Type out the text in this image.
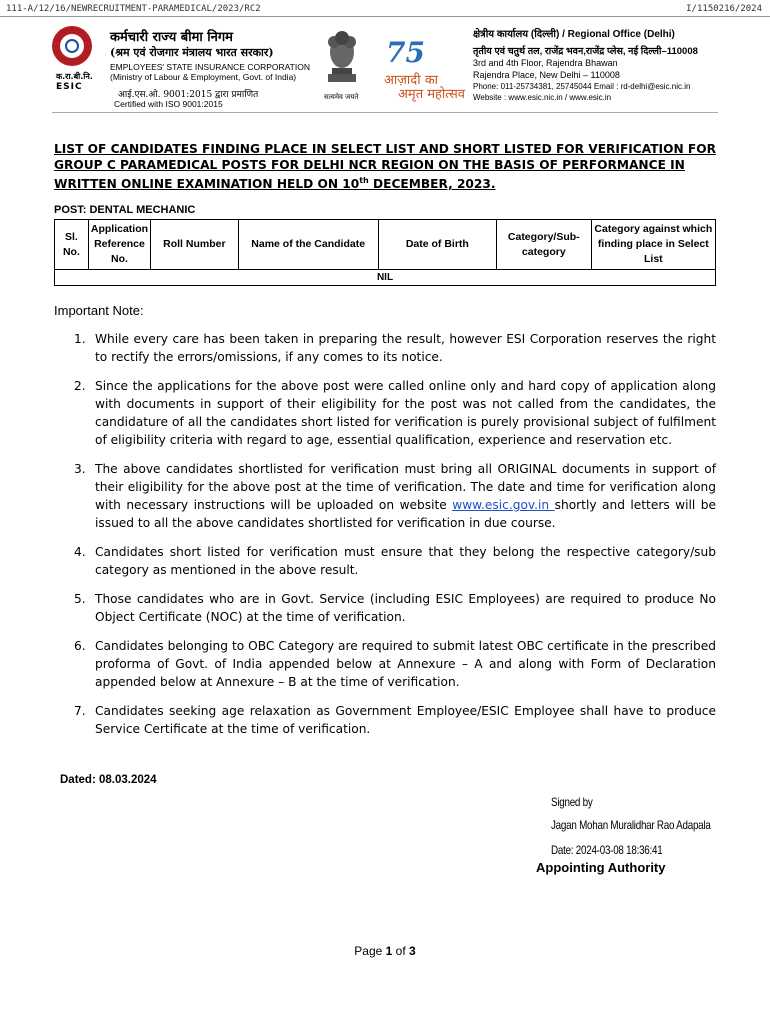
111-A/12/16/NEWRECRUITMENT-PARAMEDICAL/2023/RC2	I/1150216/2024
क.रा.बी.नि.
ESIC
कर्मचारी राज्य बीमा निगम
(श्रम एवं रोजगार मंत्रालय भारत सरकार)
EMPLOYEES' STATE INSURANCE CORPORATION
(Ministry of Labour & Employment, Govt. of India)
आई.एस.ओ. 9001:2015 द्वारा प्रमाणित
Certified with ISO 9001:2015
सत्यमेव जयते
75
आज़ादी का
अमृत महोत्सव
क्षेत्रीय कार्यालय (दिल्ली) / Regional Office (Delhi)
तृतीय एवं चतुर्थ तल, राजेंद्र भवन,राजेंद्र प्लेस, नई दिल्ली–110008
3rd and 4th Floor, Rajendra Bhawan
Rajendra Place, New Delhi – 110008
Phone: 011-25734381, 25745044 Email : rd-delhi@esic.nic.in
Website : www.esic.nic.in / www.esic.in
LIST OF CANDIDATES FINDING PLACE IN SELECT LIST AND SHORT LISTED FOR VERIFICATION FOR GROUP C PARAMEDICAL POSTS FOR DELHI NCR REGION ON THE BASIS OF PERFORMANCE IN WRITTEN ONLINE EXAMINATION HELD ON 10th DECEMBER, 2023.
POST: DENTAL MECHANIC
Sl. No.	Application Reference No.	Roll Number	Name of the Candidate	Date of Birth	Category/Sub-category	Category against which finding place in Select List
NIL
Important Note:
1. While every care has been taken in preparing the result, however ESI Corporation reserves the right to rectify the errors/omissions, if any comes to its notice.
2. Since the applications for the above post were called online only and hard copy of application along with documents in support of their eligibility for the post was not called from the candidates, the candidature of all the candidates short listed for verification is purely provisional subject of fulfilment of eligibility criteria with regard to age, essential qualification, experience and reservation etc.
3. The above candidates shortlisted for verification must bring all ORIGINAL documents in support of their eligibility for the above post at the time of verification. The date and time for verification along with necessary instructions will be uploaded on website www.esic.gov.in shortly and letters will be issued to all the above candidates shortlisted for verification in due course.
4. Candidates short listed for verification must ensure that they belong the respective category/sub category as mentioned in the above result.
5. Those candidates who are in Govt. Service (including ESIC Employees) are required to produce No Object Certificate (NOC) at the time of verification.
6. Candidates belonging to OBC Category are required to submit latest OBC certificate in the prescribed proforma of Govt. of India appended below at Annexure – A and along with Form of Declaration appended below at Annexure – B at the time of verification.
7. Candidates seeking age relaxation as Government Employee/ESIC Employee shall have to produce Service Certificate at the time of verification.
Dated: 08.03.2024
Signed by
Jagan Mohan Muralidhar Rao Adapala
Date: 2024-03-08 18:36:41
Appointing Authority
Page 1 of 3
